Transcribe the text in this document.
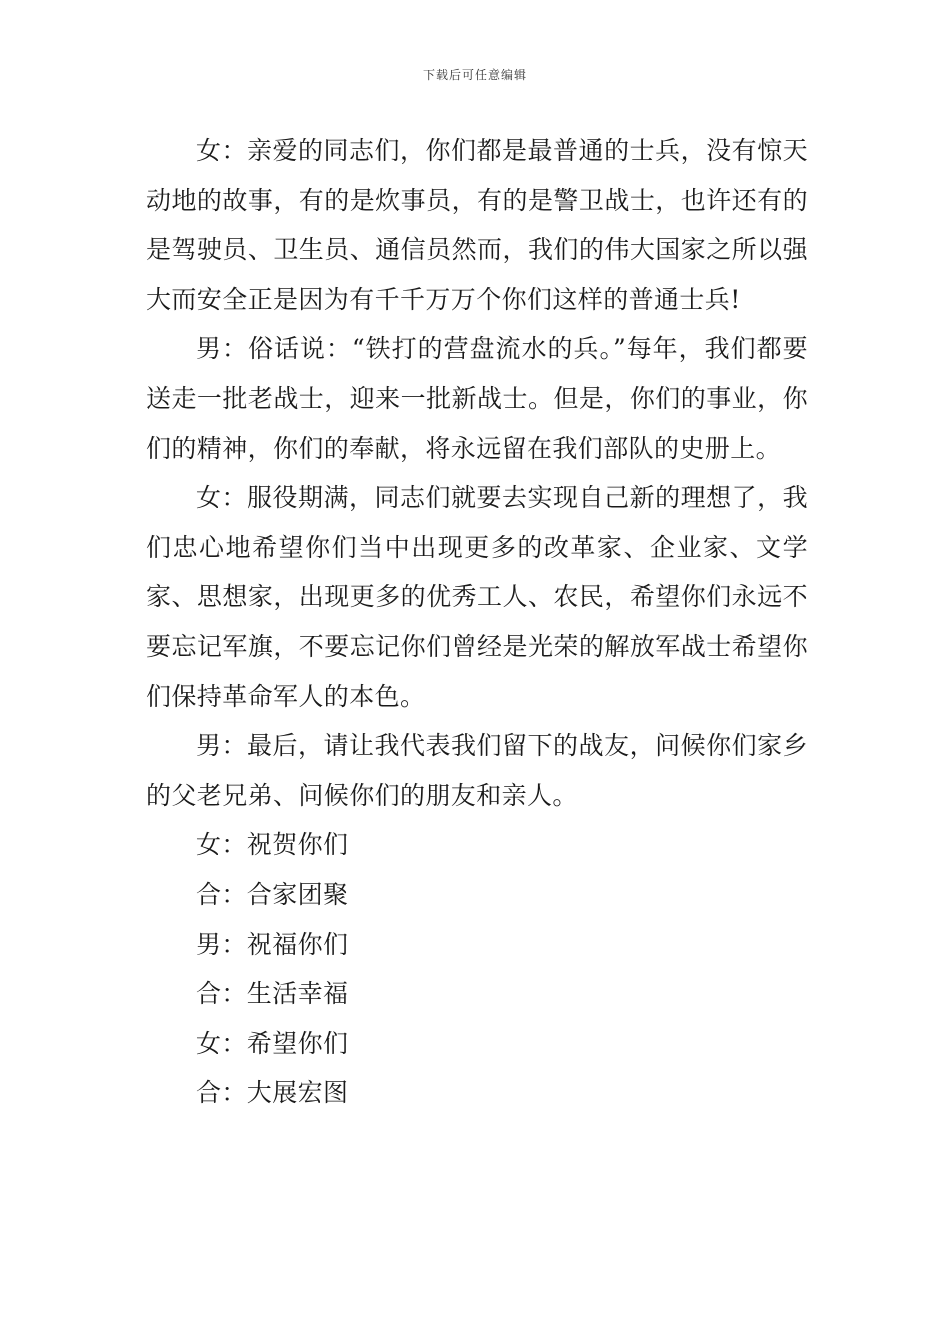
下载后可任意编辑

女：亲爱的同志们，你们都是最普通的士兵，没有惊天动地的故事，有的是炊事员，有的是警卫战士，也许还有的是驾驶员、卫生员、通信员然而，我们的伟大国家之所以强大而安全正是因为有千千万万个你们这样的普通士兵!

男：俗话说：“铁打的营盘流水的兵。”每年，我们都要送走一批老战士，迎来一批新战士。但是，你们的事业，你们的精神，你们的奉献，将永远留在我们部队的史册上。

女：服役期满，同志们就要去实现自己新的理想了，我们忠心地希望你们当中出现更多的改革家、企业家、文学家、思想家，出现更多的优秀工人、农民，希望你们永远不要忘记军旗，不要忘记你们曾经是光荣的解放军战士希望你们保持革命军人的本色。

男：最后，请让我代表我们留下的战友，问候你们家乡的父老兄弟、问候你们的朋友和亲人。

女：祝贺你们

合：合家团聚

男：祝福你们

合：生活幸福

女：希望你们

合：大展宏图
